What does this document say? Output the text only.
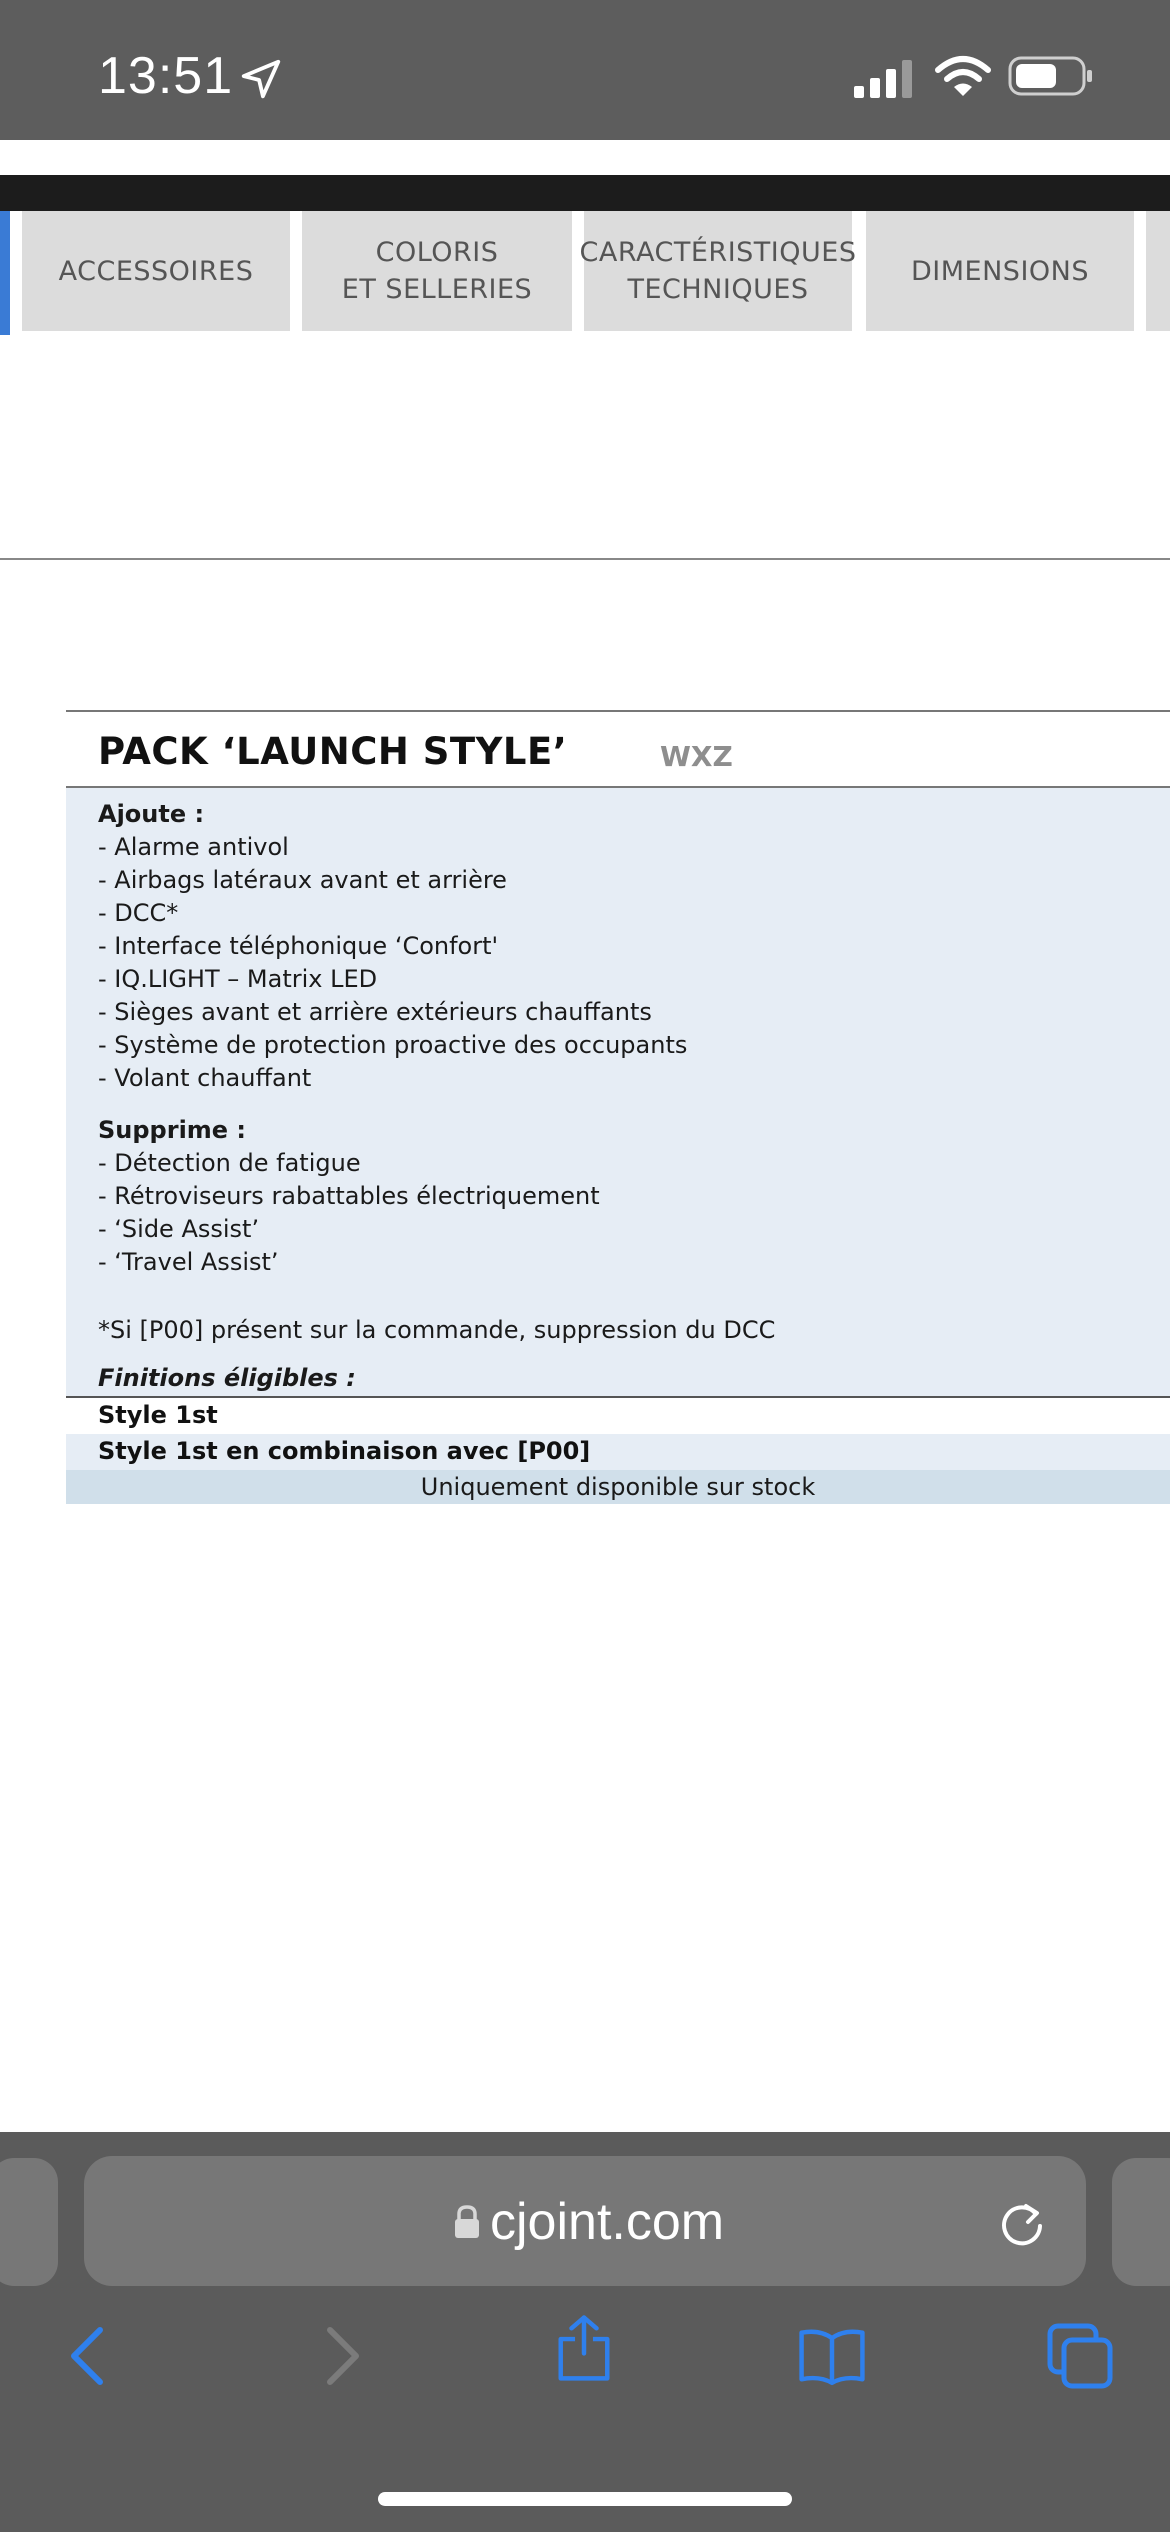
13:51
ACCESSOIRES
COLORIS
ET SELLERIES
CARACTÉRISTIQUES
TECHNIQUES
DIMENSIONS
PACK ‘LAUNCH STYLE’	WXZ
Ajoute :
- Alarme antivol
- Airbags latéraux avant et arrière
- DCC*
- Interface téléphonique ‘Confort'
- IQ.LIGHT – Matrix LED
- Sièges avant et arrière extérieurs chauffants
- Système de protection proactive des occupants
- Volant chauffant
Supprime :
- Détection de fatigue
- Rétroviseurs rabattables électriquement
- ‘Side Assist’
- ‘Travel Assist’
*Si [P00] présent sur la commande, suppression du DCC
Finitions éligibles :
Style 1st
Style 1st en combinaison avec [P00]
Uniquement disponible sur stock
cjoint.com
